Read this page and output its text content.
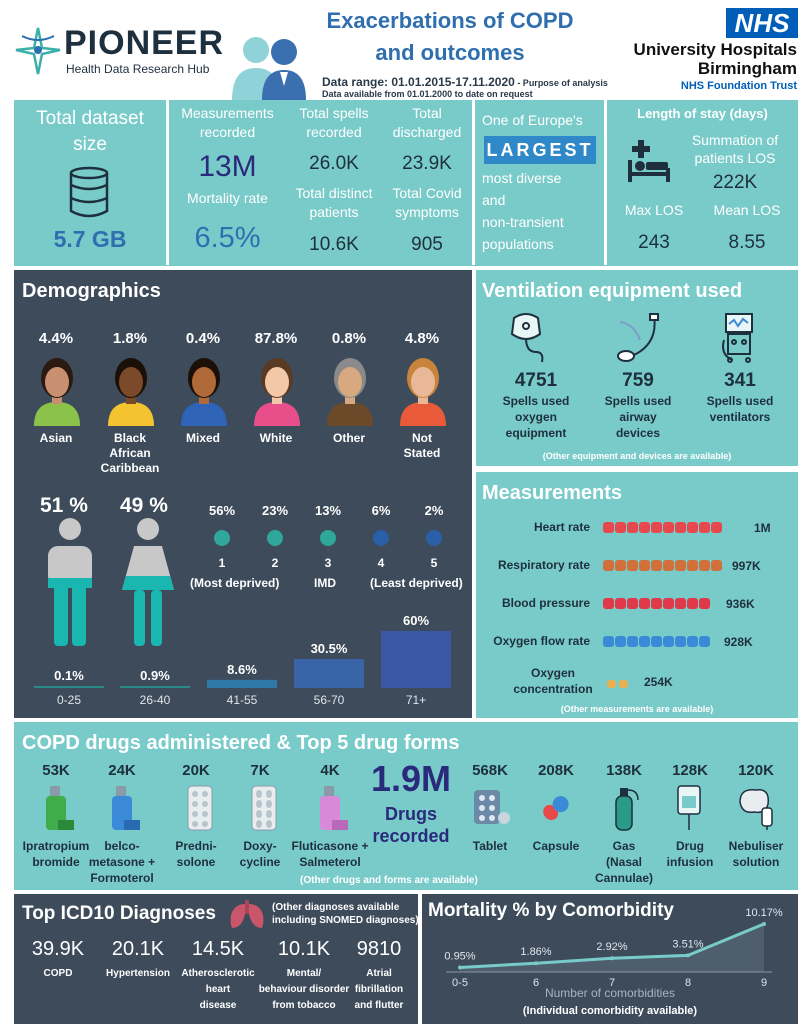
PIONEER
Health Data Research Hub
Exacerbations of COPD
and outcomes
Data range: 01.01.2015-17.11.2020 - Purpose of analysis
Data available from 01.01.2000 to date on request
NHS
University Hospitals
Birmingham
NHS Foundation Trust
Total dataset
size
5.7 GB
Measurements
recorded
13M
Mortality rate
6.5%
Total spells
recorded
26.0K
Total distinct
patients
10.6K
Total
discharged
23.9K
Total Covid
symptoms
905
One of Europe's
LARGEST
most diverse
and
non-transient
populations
Length of stay (days)
Summation of
patients LOS
222K
Max LOS
243
Mean LOS
8.55
Demographics
4.4%
Asian
1.8%
Black
African
Caribbean
0.4%
Mixed
87.8%
White
0.8%
Other
4.8%
Not
Stated
51 % 49 %	56%
1
23%
2
13%
3
6%
4
2%
5
(Most deprived)	IMD	(Least deprived)
0.1%
0-25
0.9%
26-40
8.6%
41-55
30.5%
56-70
60%
71+
Ventilation equipment used
4751
Spells used
oxygen
equipment
759
Spells used
airway
devices
341
Spells used
ventilators
(Other equipment and devices are available)
Measurements
Heart rate	1M
Respiratory rate	997K
Blood pressure	936K
Oxygen flow rate	928K
Oxygen
concentration	254K
(Other measurements are available)
COPD drugs administered & Top 5 drug forms
53K
Ipratropium
bromide
24K
belco-
metasone +
Formoterol
20K
Predni-
solone
7K
Doxy-
cycline
4K
Fluticasone +
Salmeterol
1.9M
Drugs
recorded
568K
Tablet
208K
Capsule
138K
Gas
(Nasal
Cannulae)
128K
Drug
infusion
120K
Nebuliser
solution
(Other drugs and forms are available)
Top ICD10 Diagnoses	(Other diagnoses available
including SNOMED diagnoses)
39.9K
COPD
20.1K
Hypertension
14.5K
Atherosclerotic
heart
disease
10.1K
Mental/
behaviour disorder
from tobacco
9810
Atrial
fibrillation
and flutter
Mortality % by Comorbidity
0-5
0.95%
6
1.86%
7
2.92%
8
3.51%
9
10.17%
Number of comorbidities
(Individual comorbidity available)
